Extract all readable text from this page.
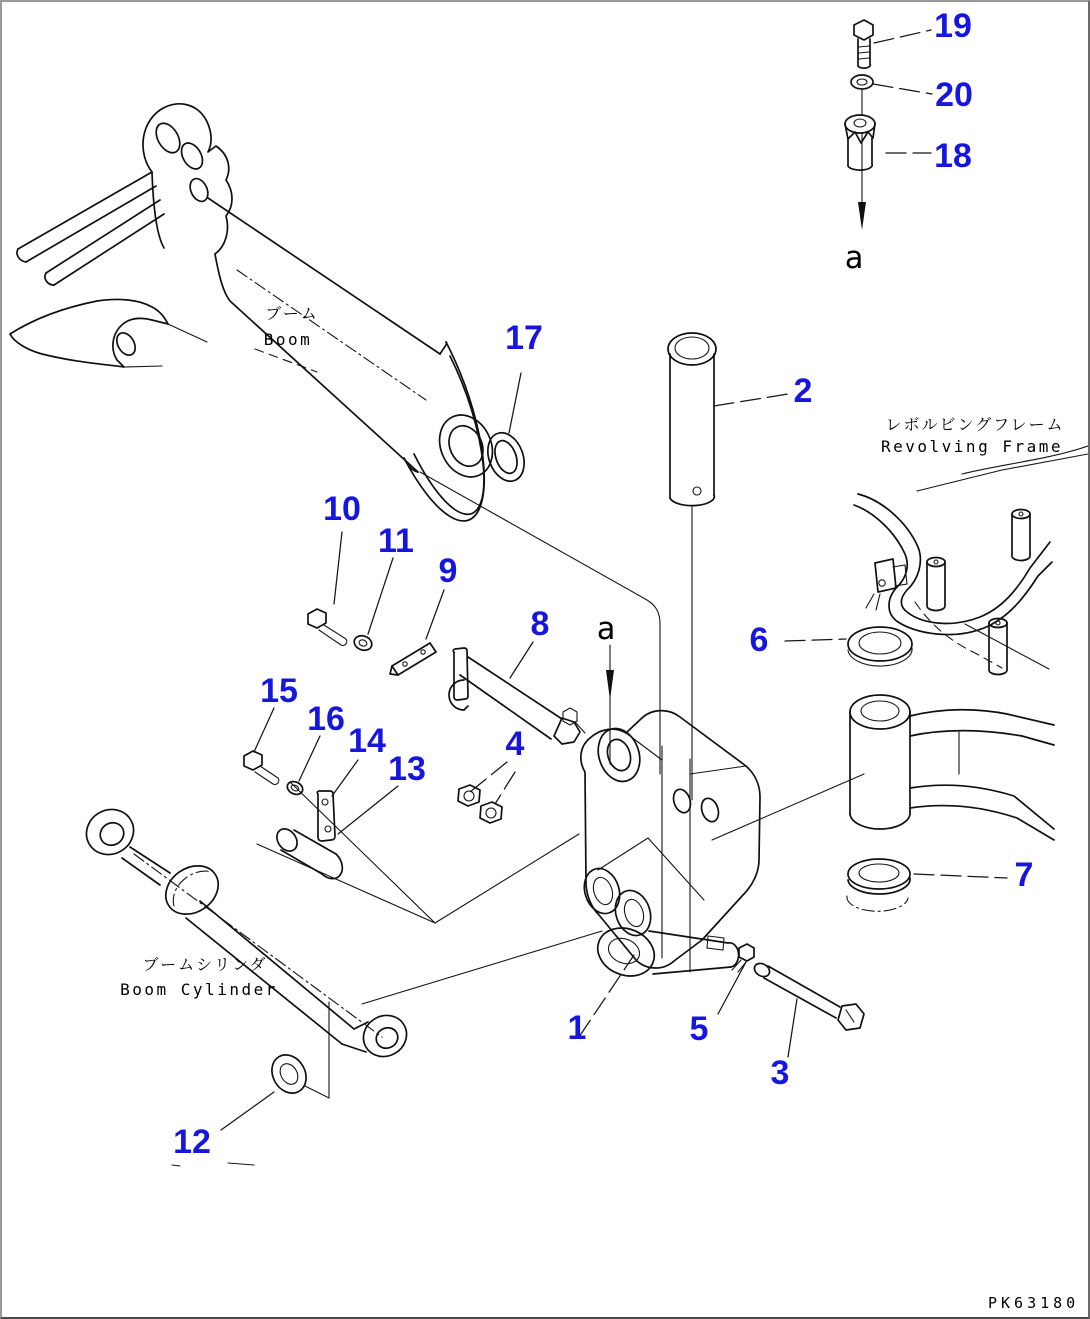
1
2
3
4
5
6
7
8
9
10
11
12
13
14
15
16
17
18
19
20
a
a
ブーム
Boom
レボルビングフレーム
Revolving Frame
ブームシリンダ
Boom Cylinder
PK63180
